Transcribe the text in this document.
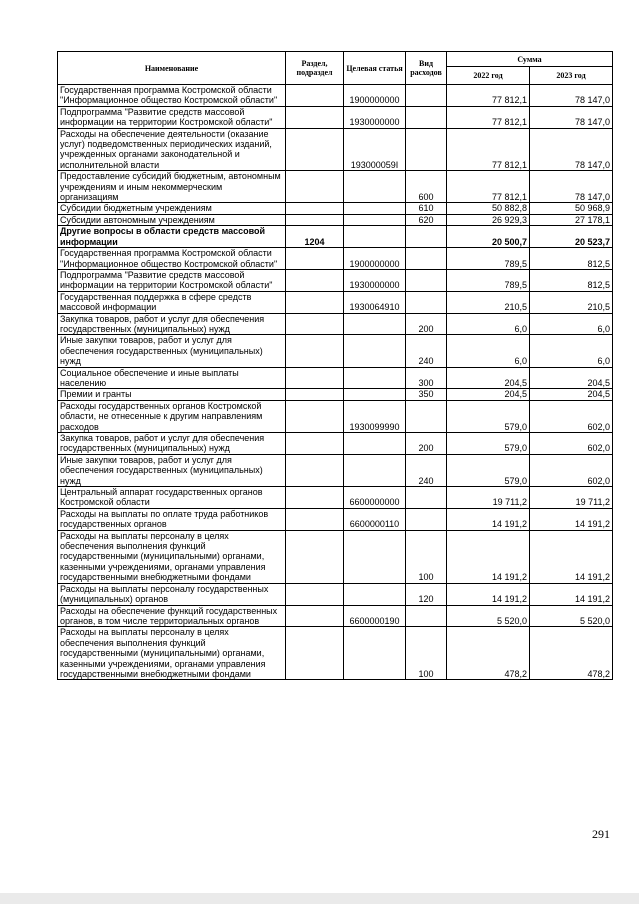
Наименование	Раздел, подраздел	Целевая статья	Вид расходов	Сумма	
				2022 год	2023 год
Государственная программа Костромской области "Информационное общество Костромской области"		1900000000		77 812,1	78 147,0
Подпрограмма "Развитие средств массовой информации на территории Костромской области"		1930000000		77 812,1	78 147,0
Расходы на обеспечение деятельности (оказание услуг) подведомственных периодических изданий, учрежденных органами законодательной и исполнительной власти		193000059I		77 812,1	78 147,0
Предоставление субсидий бюджетным, автономным учреждениям и иным некоммерческим организациям			600	77 812,1	78 147,0
Субсидии бюджетным учреждениям			610	50 882,8	50 968,9
Субсидии автономным учреждениям			620	26 929,3	27 178,1
Другие вопросы в области средств массовой информации	1204			20 500,7	20 523,7
Государственная программа Костромской области "Информационное общество Костромской области"		1900000000		789,5	812,5
Подпрограмма "Развитие средств массовой информации на территории Костромской области"		1930000000		789,5	812,5
Государственная поддержка в сфере средств массовой информации		1930064910		210,5	210,5
Закупка товаров, работ и услуг для обеспечения государственных (муниципальных) нужд			200	6,0	6,0
Иные закупки товаров, работ и услуг для обеспечения государственных (муниципальных) нужд			240	6,0	6,0
Социальное обеспечение и иные выплаты населению			300	204,5	204,5
Премии и гранты			350	204,5	204,5
Расходы государственных органов Костромской области, не отнесенные к другим направлениям расходов		1930099990		579,0	602,0
Закупка товаров, работ и услуг для обеспечения государственных (муниципальных) нужд			200	579,0	602,0
Иные закупки товаров, работ и услуг для обеспечения государственных (муниципальных) нужд			240	579,0	602,0
Центральный аппарат государственных органов Костромской области		6600000000		19 711,2	19 711,2
Расходы на выплаты по оплате труда работников государственных органов		6600000110		14 191,2	14 191,2
Расходы на выплаты персоналу в целях обеспечения выполнения функций государственными (муниципальными) органами, казенными учреждениями, органами управления государственными внебюджетными фондами			100	14 191,2	14 191,2
Расходы на выплаты персоналу государственных (муниципальных) органов			120	14 191,2	14 191,2
Расходы на обеспечение функций государственных органов, в том числе территориальных органов		6600000190		5 520,0	5 520,0
Расходы на выплаты персоналу в целях обеспечения выполнения функций государственными (муниципальными) органами, казенными учреждениями, органами управления государственными внебюджетными фондами			100	478,2	478,2
291
